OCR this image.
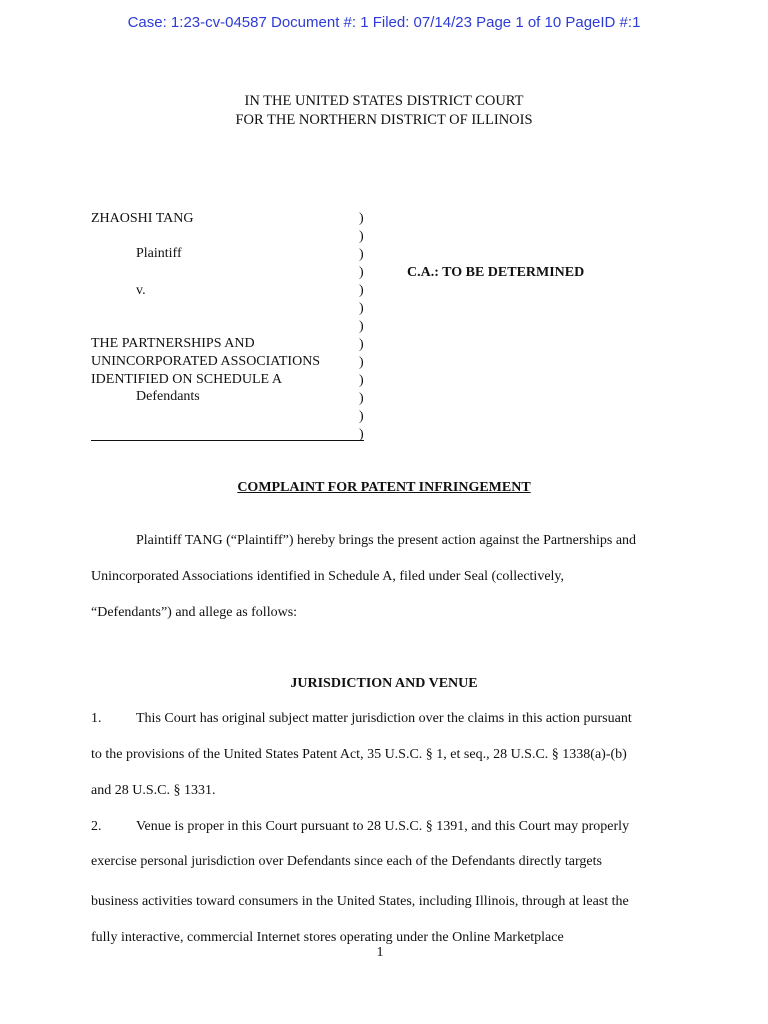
Case: 1:23-cv-04587 Document #: 1 Filed: 07/14/23 Page 1 of 10 PageID #:1
IN THE UNITED STATES DISTRICT COURT
FOR THE NORTHERN DISTRICT OF ILLINOIS
ZHAOSHI TANG
Plaintiff
v.
THE PARTNERSHIPS AND
UNINCORPORATED ASSOCIATIONS
IDENTIFIED ON SCHEDULE A
Defendants
)
)
)
)
)
)
)
)
)
)
)
)
)
C.A.: TO BE DETERMINED
COMPLAINT FOR PATENT INFRINGEMENT
Plaintiff TANG (“Plaintiff”) hereby brings the present action against the Partnerships and
Unincorporated Associations identified in Schedule A, filed under Seal (collectively,
“Defendants”) and allege as follows:
JURISDICTION AND VENUE
1. This Court has original subject matter jurisdiction over the claims in this action pursuant
to the provisions of the United States Patent Act, 35 U.S.C. § 1, et seq., 28 U.S.C. § 1338(a)-(b)
and 28 U.S.C. § 1331.
2. Venue is proper in this Court pursuant to 28 U.S.C. § 1391, and this Court may properly
exercise personal jurisdiction over Defendants since each of the Defendants directly targets
business activities toward consumers in the United States, including Illinois, through at least the
fully interactive, commercial Internet stores operating under the Online Marketplace
1
